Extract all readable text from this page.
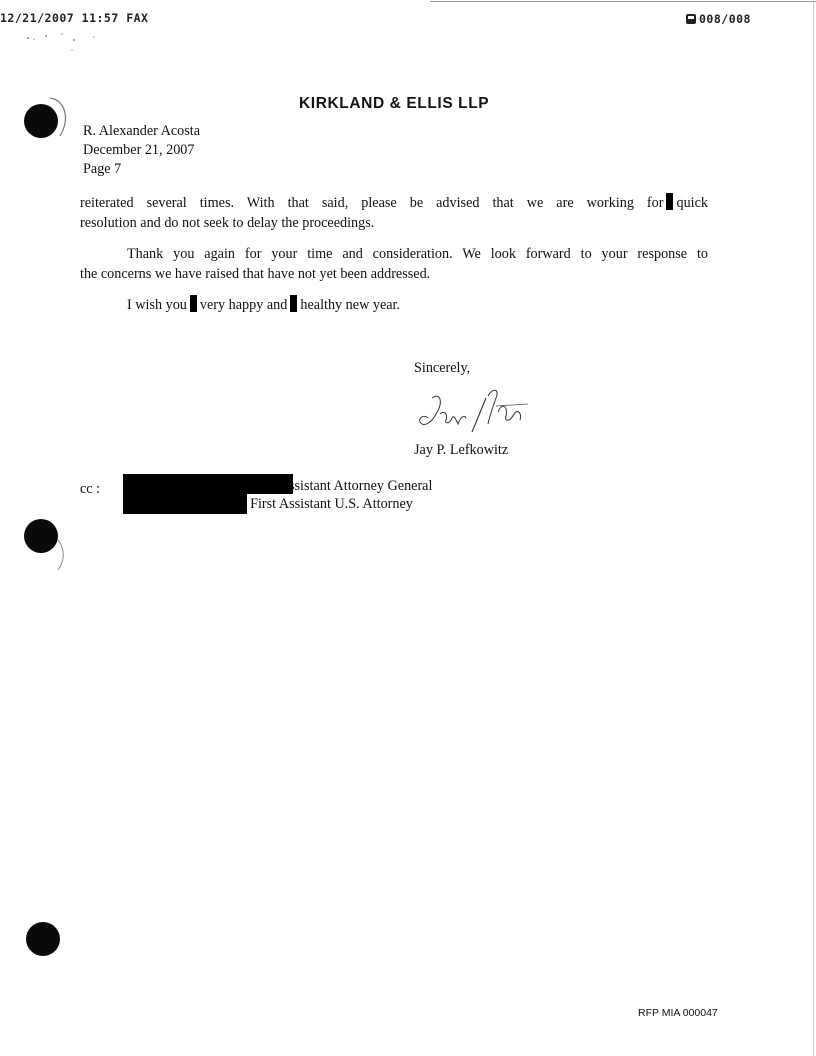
12/21/2007 11:57 FAX	008/008
KIRKLAND & ELLIS LLP
R. Alexander Acosta
December 21, 2007
Page 7
reiterated several times. With that said, please be advised that we are working for quick
resolution and do not seek to delay the proceedings.
Thank you again for your time and consideration. We look forward to your response to
the concerns we have raised that have not yet been addressed.
I wish you very happy and healthy new year.
Sincerely,
Jay P. Lefkowitz
cc :	ssistant Attorney General
, First Assistant U.S. Attorney
RFP MIA 000047
